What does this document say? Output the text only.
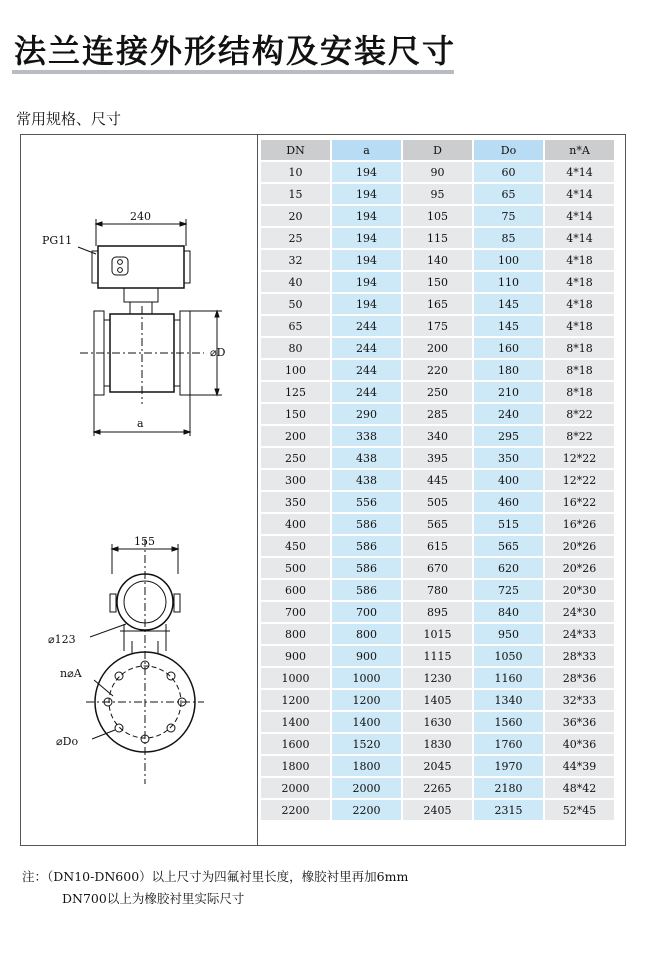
法兰连接外形结构及安装尺寸
常用规格、尺寸
240
PG11
⌀D
a
155
⌀123
n⌀A
⌀Do
DN	a	D	Do	n*A
10	194	90	60	4*14
15	194	95	65	4*14
20	194	105	75	4*14
25	194	115	85	4*14
32	194	140	100	4*18
40	194	150	110	4*18
50	194	165	145	4*18
65	244	175	145	4*18
80	244	200	160	8*18
100	244	220	180	8*18
125	244	250	210	8*18
150	290	285	240	8*22
200	338	340	295	8*22
250	438	395	350	12*22
300	438	445	400	12*22
350	556	505	460	16*22
400	586	565	515	16*26
450	586	615	565	20*26
500	586	670	620	20*26
600	586	780	725	20*30
700	700	895	840	24*30
800	800	1015	950	24*33
900	900	1115	1050	28*33
1000	1000	1230	1160	28*36
1200	1200	1405	1340	32*33
1400	1400	1630	1560	36*36
1600	1520	1830	1760	40*36
1800	1800	2045	1970	44*39
2000	2000	2265	2180	48*42
2200	2200	2405	2315	52*45
注：（DN10-DN600）以上尺寸为四氟衬里长度，橡胶衬里再加6mm
DN700以上为橡胶衬里实际尺寸
